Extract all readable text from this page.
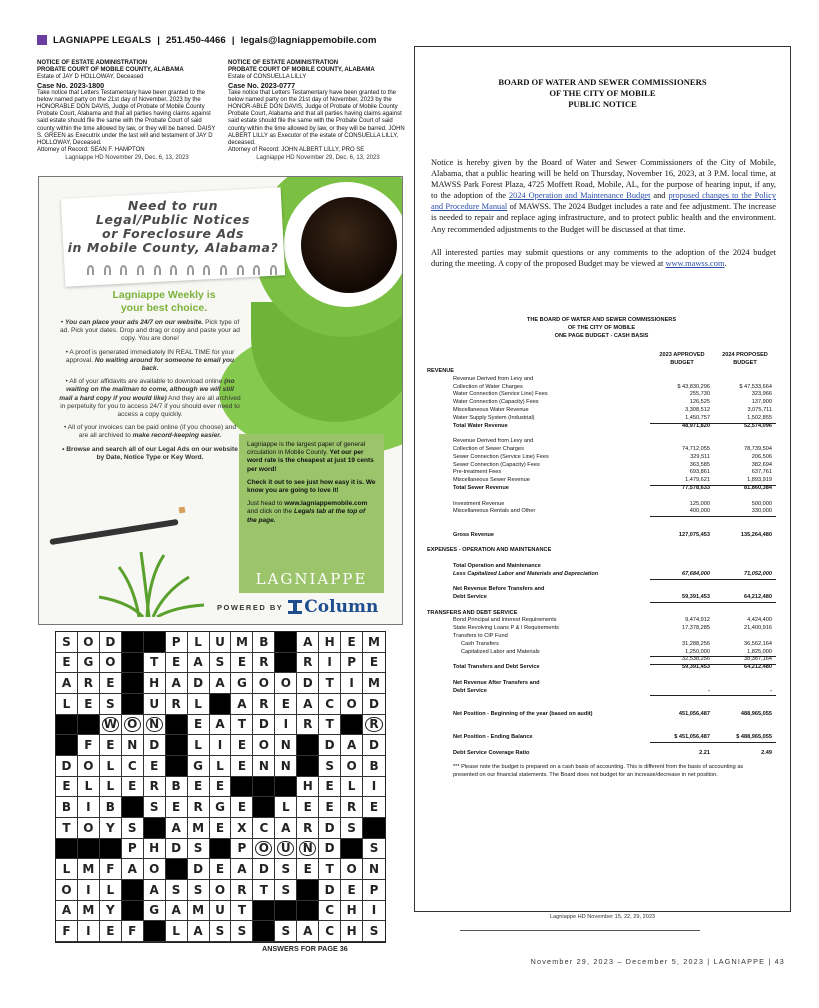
LAGNIAPPE LEGALS | 251.450-4466 | legals@lagniappemobile.com
NOTICE OF ESTATE ADMINISTRATION
PROBATE COURT OF MOBILE COUNTY, ALABAMA
Estate of JAY D HOLLOWAY, Deceased
Case No. 2023-1800
Take notice that Letters Testamentary have been granted to the below named party on the 21st day of November, 2023 by the HONORABLE DON DAVIS, Judge of Probate of Mobile County Probate Court, Alabama and that all parties having claims against said estate should file the same with the Probate Court of said county within the time allowed by law, or they will be barred. DAISY S. GREEN as Executrix under the last will and testament of JAY D HOLLOWAY, Deceased.
Attorney of Record: SEAN F. HAMPTON
Lagniappe HD November 29, Dec. 6, 13, 2023
NOTICE OF ESTATE ADMINISTRATION
PROBATE COURT OF MOBILE COUNTY, ALABAMA
Estate of CONSUELLA LILLY
Case No. 2023-0777
Take notice that Letters Testamentary have been granted to the below named party on the 21st day of November, 2023 by the HONOR-ABLE DON DAVIS, Judge of Probate of Mobile County Probate Court, Alabama and that all parties having claims against said estate should file the same with the Probate Court of said county within the time allowed by law, or they will be barred. JOHN ALBERT LILLY as Executor of the estate of CONSUELLA LILLY, deceased.
Attorney of Record: JOHN ALBERT LILLY, PRO SE
Lagniappe HD November 29, Dec. 6, 13, 2023
Need to run
Legal/Public Notices
or Foreclosure Ads
in Mobile County, Alabama?
Lagniappe Weekly is
your best choice.

• You can place your ads 24/7 on our website. Pick type of ad. Pick your dates. Drop and drag or copy and paste your ad copy. You are done!

• A proof is generated immediately IN REAL TIME for your approval. No waiting around for someone to email you back.

• All of your affidavits are available to download online (no waiting on the mailman to come, although we will still mail a hard copy if you would like) And they are all archived in perpetuity for you to access 24/7 if you should ever need to access a copy quickly.

• All of your invoices can be paid online (if you choose) and are all archived to make record-keeping easier.

• Browse and search all of our Legal Ads on our website by Date, Notice Type or Key Word.

Lagniappe is the largest paper of general circulation in Mobile County. Yet our per word rate is the cheapest at just 19 cents per word!

Check it out to see just how easy it is. We know you are going to love it!

Just head to www.lagniappemobile.com and click on the Legals tab at the top of the page.

LAGNIAPPE
POWERED BY Column
S	O D	P	L	U M B	A	H	E	M
E	G O	T	E	A	S	E	R	R	I	P	E
A	R	E	H	A	D	A	G O O D	T	I	M
L	E	S	U	R	L	A	R	E	A	C	O	D
W O N	E	A	T	D	I	R	T	R
F	E	N D	L	I	E	O N	D	A	D
D O	L	C	E	G	L	E	N N	S	O	B
E	L	L	E	R	B	E	E	H	E	L	I
B	I	B	S	E	R	G	E	L	E	E	R	E
T	O	Y	S	A M E	X	C	A	R	D	S
P	H D	S	P	O U	N D	S
L	M F	A	O	D	E	A	D	S	E	T	O	N
O	I	L	A	S	S	O	R	T	S	D	E	P
A M Y	G	A M U	T	C	H	I
F	I	E	F	L	A	S	S	S	A	C	H	S
ANSWERS FOR PAGE 36
BOARD OF WATER AND SEWER COMMISSIONERS
OF THE CITY OF MOBILE
PUBLIC NOTICE

Notice is hereby given by the Board of Water and Sewer Commissioners of the City of Mobile, Alabama, that a public hearing will be held on Thursday, November 16, 2023, at 3 P.M. local time, at MAWSS Park Forest Plaza, 4725 Moffett Road, Mobile, AL, for the purpose of hearing input, if any, to the adoption of the 2024 Operation and Maintenance Budget and proposed changes to the Policy and Procedure Manual of MAWSS. The 2024 Budget includes a rate and fee adjustment. The increase is needed to repair and replace aging infrastructure, and to protect public health and the environment. Any recommended adjustments to the Budget will be discussed at that time.

All interested parties may submit questions or any comments to the adoption of the 2024 budget during the meeting. A copy of the proposed Budget may be viewed at www.mawss.com.

THE BOARD OF WATER AND SEWER COMMISSIONERS
OF THE CITY OF MOBILE
ONE PAGE BUDGET - CASH BASIS
2023 APPROVED
BUDGET
2024 PROPOSED
BUDGET
REVENUE
Revenue Derived from Levy and
Collection of Water Charges	$ 43,830,296	$ 47,533,664
Water Connection (Service Line) Fees	255,730	323,966
Water Connection (Capacity) Fees	126,525	137,900
Miscellaneous Water Revenue	3,308,512	3,075,711
Water Supply System (Industrial)	1,450,757	1,502,855
Total Water Revenue	48,971,820	52,574,096
Revenue Derived from Levy and
Collection of Sewer Charges	74,712,055	78,739,504
Sewer Connection (Service Line) Fees	329,511	206,506
Sewer Connection (Capacity) Fees	363,585	382,694
Pre-treatment Fees	693,861	637,761
Miscellaneous Sewer Revenue	1,479,621	1,893,919
Total Sewer Revenue	77,578,633	81,860,384
Investment Revenue	125,000	500,000
Miscellaneous Rentals and Other	400,000	330,000
Gross Revenue	127,075,453	135,264,480
EXPENSES - OPERATION AND MAINTENANCE
Total Operation and Maintenance
Less Capitalized Labor and Materials and Depreciation	67,684,000	71,052,000
Net Revenue Before Transfers and
Debt Service	59,391,453	64,212,480
TRANSFERS AND DEBT SERVICE
Bond Principal and Interest Requirements	9,474,912	4,424,400
State Revolving Loans P & I Requirements	17,378,285	21,400,916
Transfers to CIP Fund
Cash Transfers	31,288,256	36,562,164
Capitalized Labor and Materials	1,250,000	1,825,000
32,538,256	38,387,164
Total Transfers and Debt Service	59,391,453	64,212,480
Net Revenue After Transfers and
Debt Service	-	-
Net Position - Beginning of the year (based on audit)	451,056,487	488,965,055
Net Position - Ending Balance	$ 451,056,487	$ 488,965,055
Debt Service Coverage Ratio	2.21	2.49
*** Please note the budget is prepared on a cash basis of accounting. This is different from the basis of accounting as presented on our financial statements. The Board does not budget for an increase/decrease in net position.
Lagniappe HD November 15, 22, 29, 2023
November 29, 2023 – December 5, 2023 | LAGNIAPPE | 43
